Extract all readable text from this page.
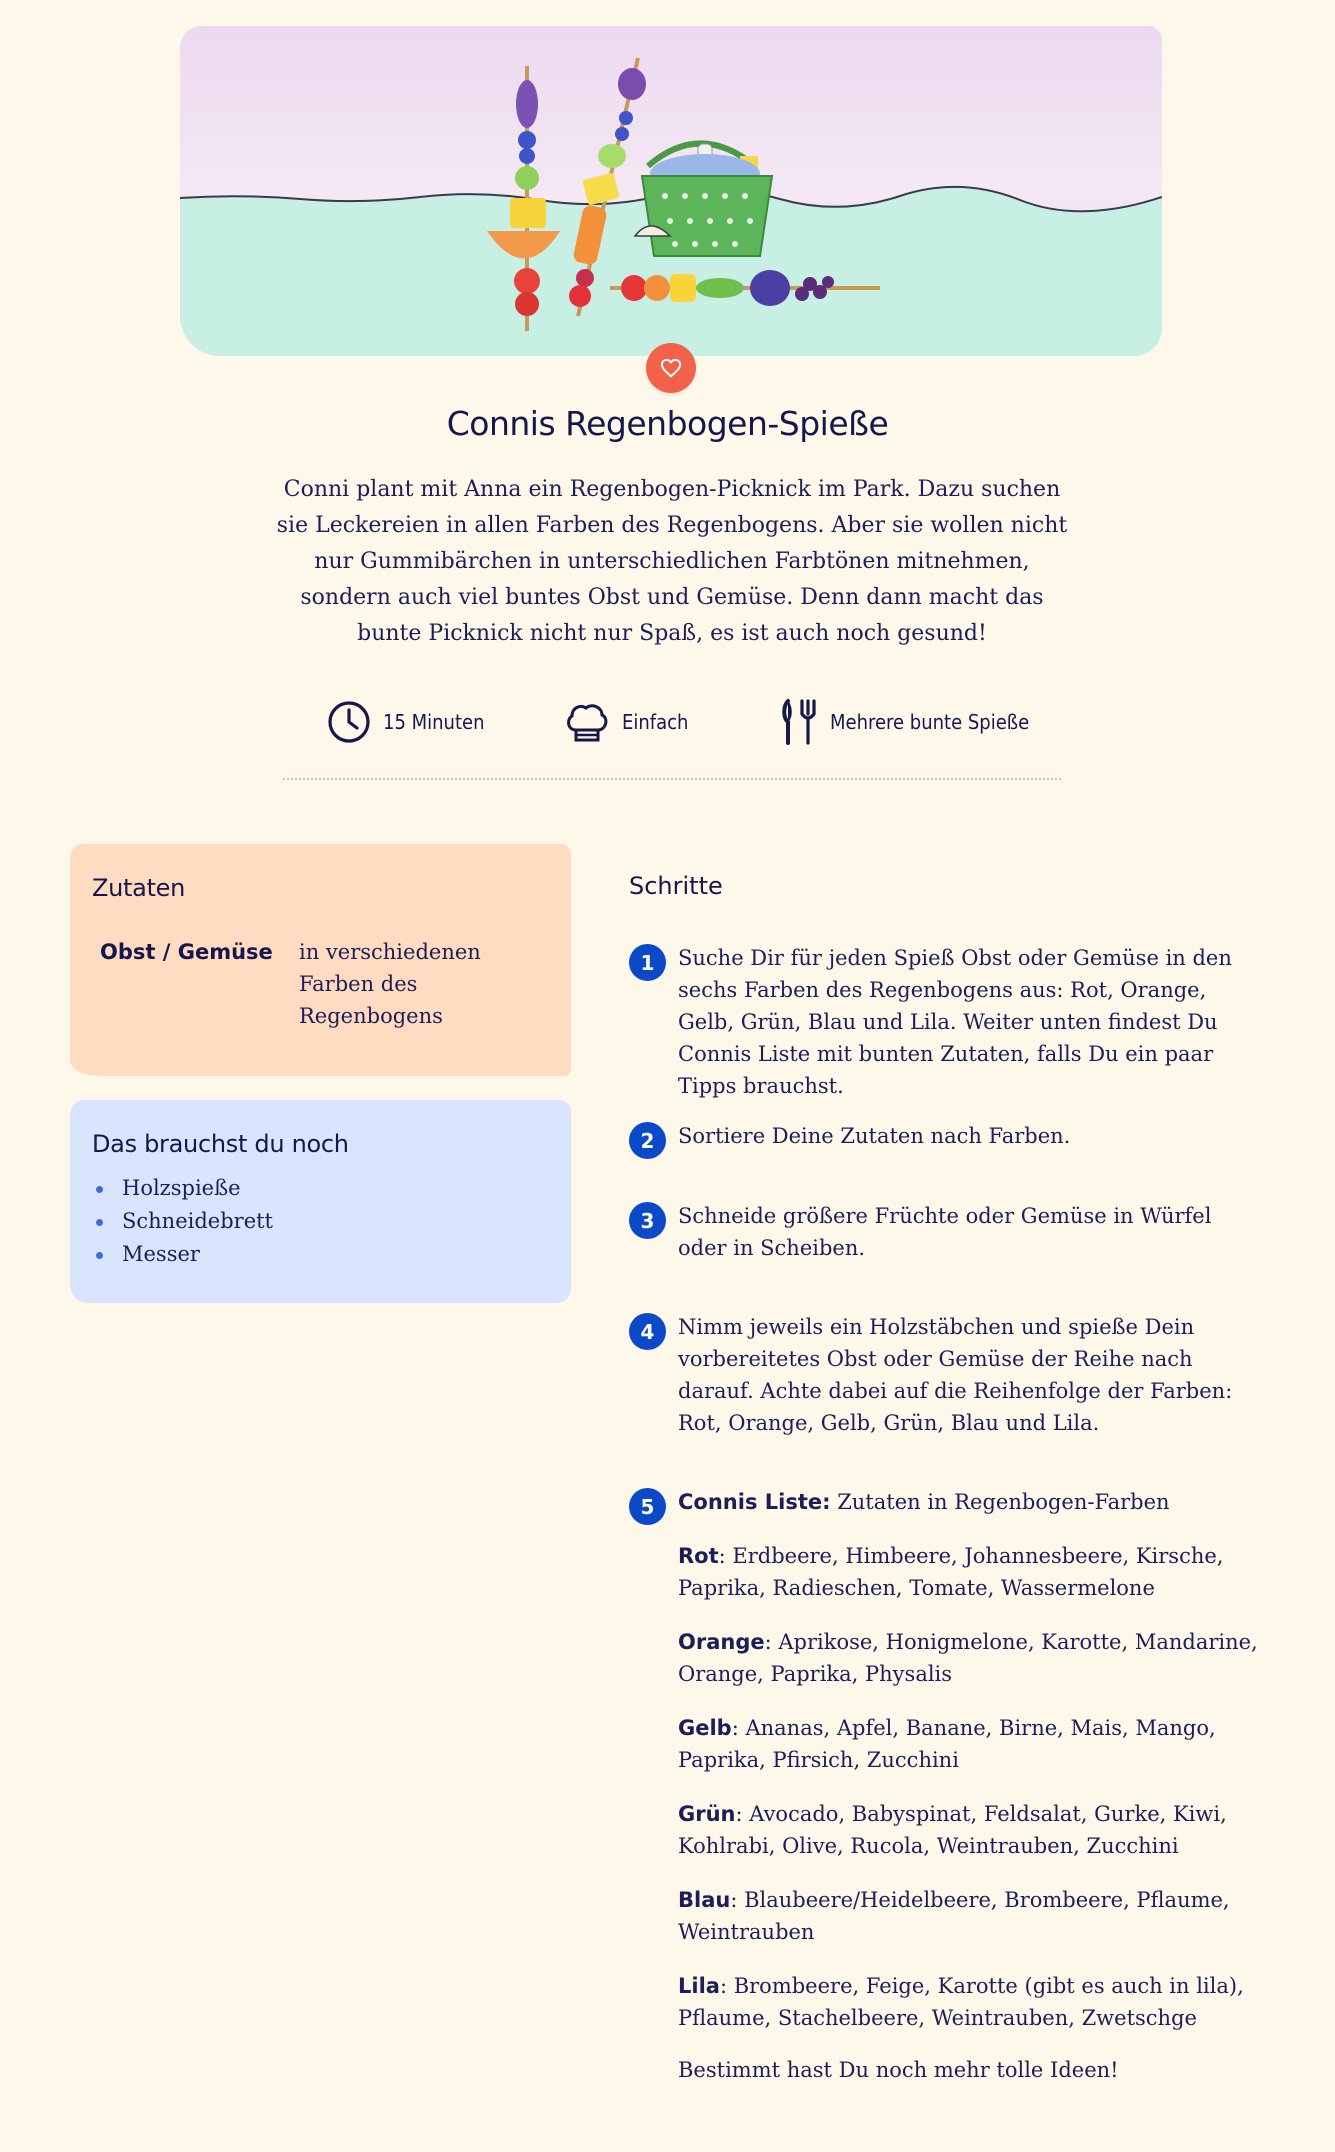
Connis Regenbogen-Spieße

Conni plant mit Anna ein Regenbogen-Picknick im Park. Dazu suchen sie Leckereien in allen Farben des Regenbogens. Aber sie wollen nicht nur Gummibärchen in unterschiedlichen Farbtönen mitnehmen, sondern auch viel buntes Obst und Gemüse. Denn dann macht das bunte Picknick nicht nur Spaß, es ist auch noch gesund!

15 Minuten	Einfach	Mehrere bunte Spieße
Zutaten
Obst / Gemüse in verschiedenen Farben des Regenbogens
Das brauchst du noch
Holzspieße
Schneidebrett
Messer
Schritte
1	Suche Dir für jeden Spieß Obst oder Gemüse in den sechs Farben des Regenbogens aus: Rot, Orange, Gelb, Grün, Blau und Lila. Weiter unten findest Du Connis Liste mit bunten Zutaten, falls Du ein paar Tipps brauchst.

2	Sortiere Deine Zutaten nach Farben.

3	Schneide größere Früchte oder Gemüse in Würfel oder in Scheiben.

4	Nimm jeweils ein Holzstäbchen und spieße Dein vorbereitetes Obst oder Gemüse der Reihe nach darauf. Achte dabei auf die Reihenfolge der Farben: Rot, Orange, Gelb, Grün, Blau und Lila.

5	Connis Liste: Zutaten in Regenbogen-Farben

Rot: Erdbeere, Himbeere, Johannesbeere, Kirsche, Paprika, Radieschen, Tomate, Wassermelone

Orange: Aprikose, Honigmelone, Karotte, Mandarine, Orange, Paprika, Physalis

Gelb: Ananas, Apfel, Banane, Birne, Mais, Mango, Paprika, Pfirsich, Zucchini

Grün: Avocado, Babyspinat, Feldsalat, Gurke, Kiwi, Kohlrabi, Olive, Rucola, Weintrauben, Zucchini

Blau: Blaubeere/Heidelbeere, Brombeere, Pflaume, Weintrauben

Lila: Brombeere, Feige, Karotte (gibt es auch in lila), Pflaume, Stachelbeere, Weintrauben, Zwetschge

Bestimmt hast Du noch mehr tolle Ideen!
